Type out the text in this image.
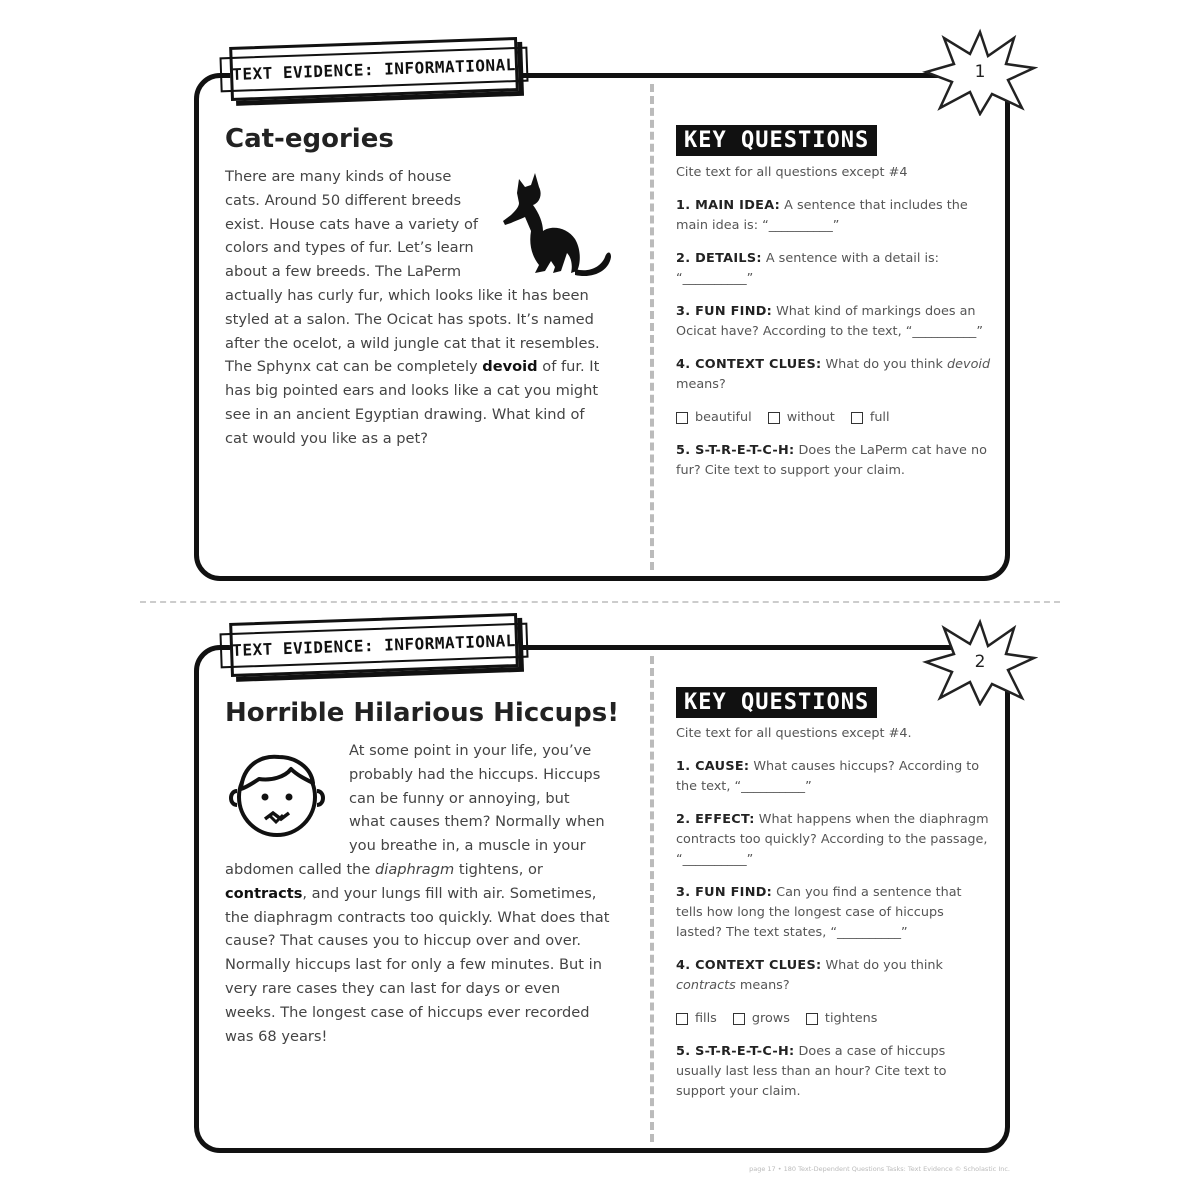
TEXT EVIDENCE: INFORMATIONAL	1
Cat-egories
There are many kinds of house cats. Around 50 different breeds exist. House cats have a variety of colors and types of fur. Let’s learn about a few breeds. The LaPerm actually has curly fur, which looks like it has been styled at a salon. The Ocicat has spots. It’s named after the ocelot, a wild jungle cat that it resembles. The Sphynx cat can be completely devoid of fur. It has big pointed ears and looks like a cat you might see in an ancient Egyptian drawing. What kind of cat would you like as a pet?
KEY QUESTIONS

Cite text for all questions except #4

1. MAIN IDEA: A sentence that includes the main idea is: “__________”

2. DETAILS: A sentence with a detail is: “__________”

3. FUN FIND: What kind of markings does an Ocicat have? According to the text, “__________”

4. CONTEXT CLUES: What do you think devoid means?

beautiful	without	full

5. S-T-R-E-T-C-H: Does the LaPerm cat have no fur? Cite text to support your claim.

TEXT EVIDENCE: INFORMATIONAL
2
Horrible Hilarious Hiccups!
At some point in your life, you’ve probably had the hiccups. Hiccups can be funny or annoying, but what causes them? Normally when you breathe in, a muscle in your abdomen called the diaphragm tightens, or contracts, and your lungs fill with air. Sometimes, the diaphragm contracts too quickly. What does that cause? That causes you to hiccup over and over. Normally hiccups last for only a few minutes. But in very rare cases they can last for days or even weeks. The longest case of hiccups ever recorded was 68 years!
KEY QUESTIONS

Cite text for all questions except #4.

1. CAUSE: What causes hiccups? According to the text, “__________”

2. EFFECT: What happens when the diaphragm contracts too quickly? According to the passage, “__________”

3. FUN FIND: Can you find a sentence that tells how long the longest case of hiccups lasted? The text states, “__________”

4. CONTEXT CLUES: What do you think contracts means?

fills	grows	tightens

5. S-T-R-E-T-C-H: Does a case of hiccups usually last less than an hour? Cite text to support your claim.

page 17 • 180 Text-Dependent Questions Tasks: Text Evidence © Scholastic Inc.
